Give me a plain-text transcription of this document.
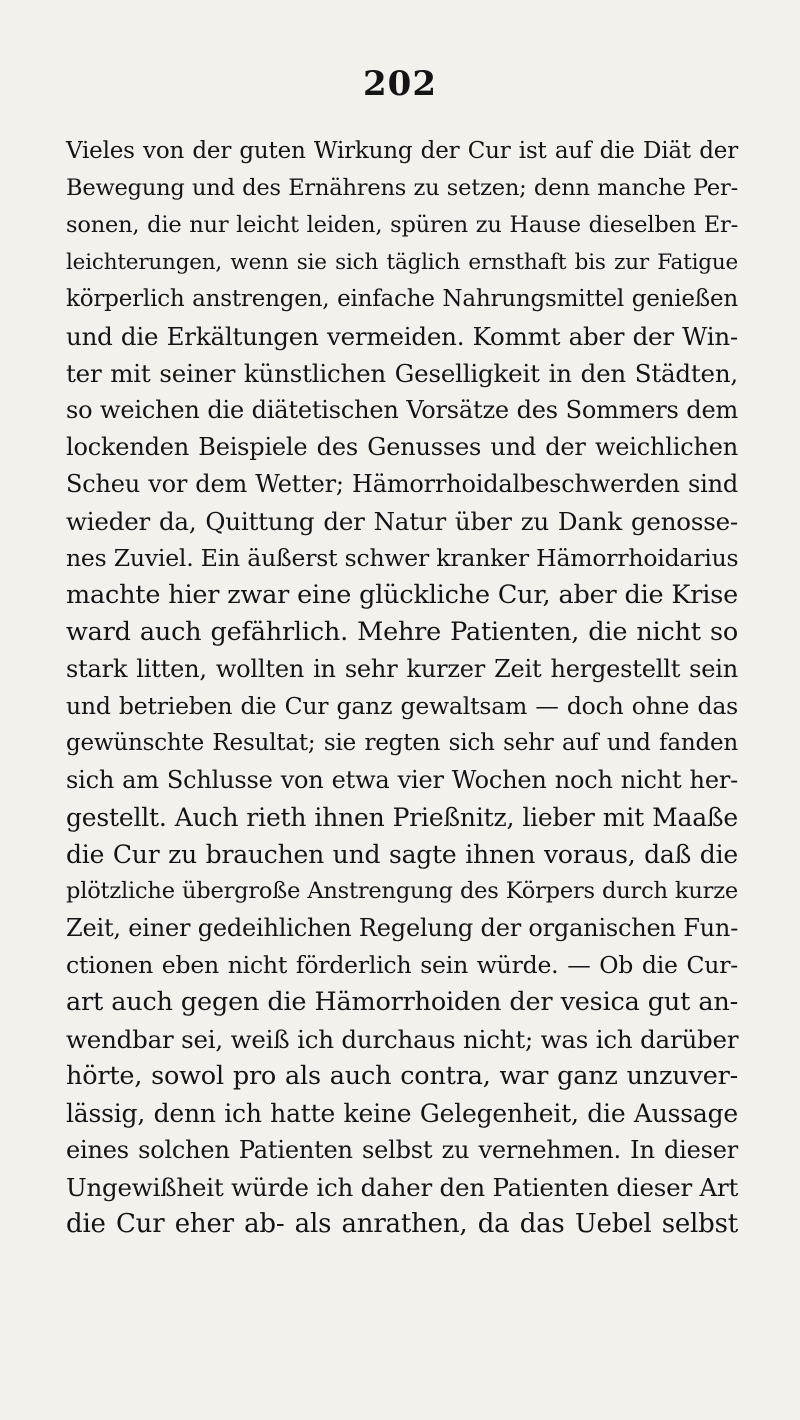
202
Vieles von der guten Wirkung der Cur ist auf die Diät der
Bewegung und des Ernährens zu setzen; denn manche Per-
sonen, die nur leicht leiden, spüren zu Hause dieselben Er-
leichterungen, wenn sie sich täglich ernsthaft bis zur Fatigue
körperlich anstrengen, einfache Nahrungsmittel genießen
und die Erkältungen vermeiden. Kommt aber der Win-
ter mit seiner künstlichen Geselligkeit in den Städten,
so weichen die diätetischen Vorsätze des Sommers dem
lockenden Beispiele des Genusses und der weichlichen
Scheu vor dem Wetter; Hämorrhoidalbeschwerden sind
wieder da, Quittung der Natur über zu Dank genosse-
nes Zuviel. Ein äußerst schwer kranker Hämorrhoidarius
machte hier zwar eine glückliche Cur, aber die Krise
ward auch gefährlich. Mehre Patienten, die nicht so
stark litten, wollten in sehr kurzer Zeit hergestellt sein
und betrieben die Cur ganz gewaltsam — doch ohne das
gewünschte Resultat; sie regten sich sehr auf und fanden
sich am Schlusse von etwa vier Wochen noch nicht her-
gestellt. Auch rieth ihnen Prießnitz, lieber mit Maaße
die Cur zu brauchen und sagte ihnen voraus, daß die
plötzliche übergroße Anstrengung des Körpers durch kurze
Zeit, einer gedeihlichen Regelung der organischen Fun-
ctionen eben nicht förderlich sein würde. — Ob die Cur-
art auch gegen die Hämorrhoiden der vesica gut an-
wendbar sei, weiß ich durchaus nicht; was ich darüber
hörte, sowol pro als auch contra, war ganz unzuver-
lässig, denn ich hatte keine Gelegenheit, die Aussage
eines solchen Patienten selbst zu vernehmen. In dieser
Ungewißheit würde ich daher den Patienten dieser Art
die Cur eher ab- als anrathen, da das Uebel selbst
